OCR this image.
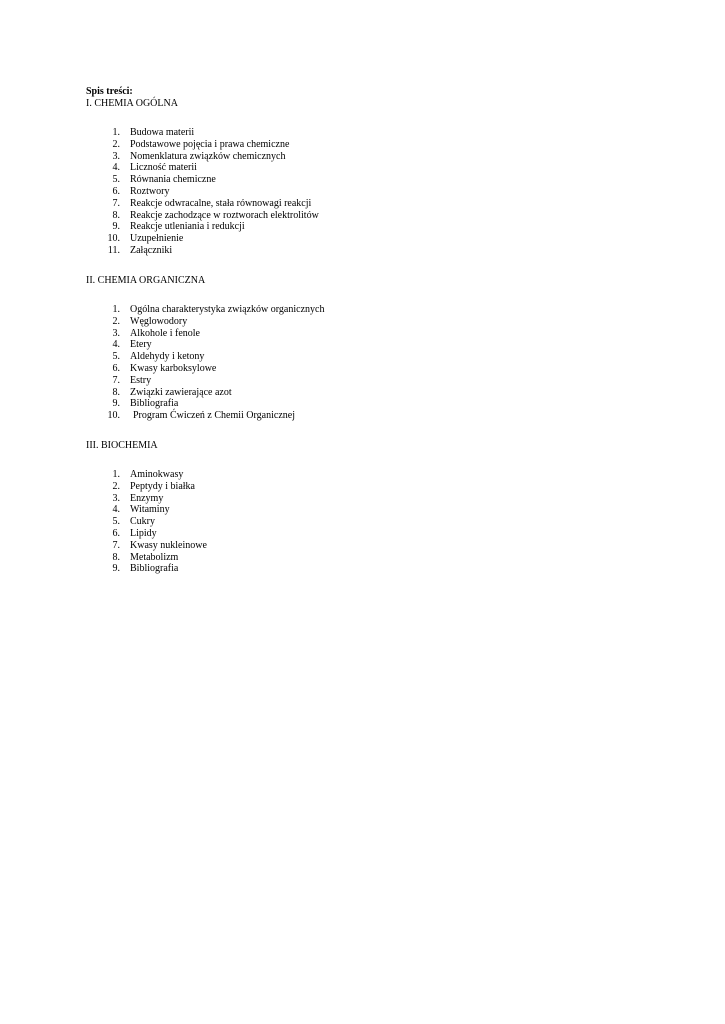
Spis treści:
I. CHEMIA OGÓLNA
1. Budowa materii
2. Podstawowe pojęcia i prawa chemiczne
3. Nomenklatura związków chemicznych
4. Liczność materii
5. Równania chemiczne
6. Roztwory
7. Reakcje odwracalne, stała równowagi reakcji
8. Reakcje zachodzące w roztworach elektrolitów
9. Reakcje utleniania i redukcji
10. Uzupełnienie
11. Załączniki
II. CHEMIA ORGANICZNA
1. Ogólna charakterystyka związków organicznych
2. Węglowodory
3. Alkohole i fenole
4. Etery
5. Aldehydy i ketony
6. Kwasy karboksylowe
7. Estry
8. Związki zawierające azot
9. Bibliografia
10. Program Ćwiczeń z Chemii Organicznej
III. BIOCHEMIA
1. Aminokwasy
2. Peptydy i białka
3. Enzymy
4. Witaminy
5. Cukry
6. Lipidy
7. Kwasy nukleinowe
8. Metabolizm
9. Bibliografia
